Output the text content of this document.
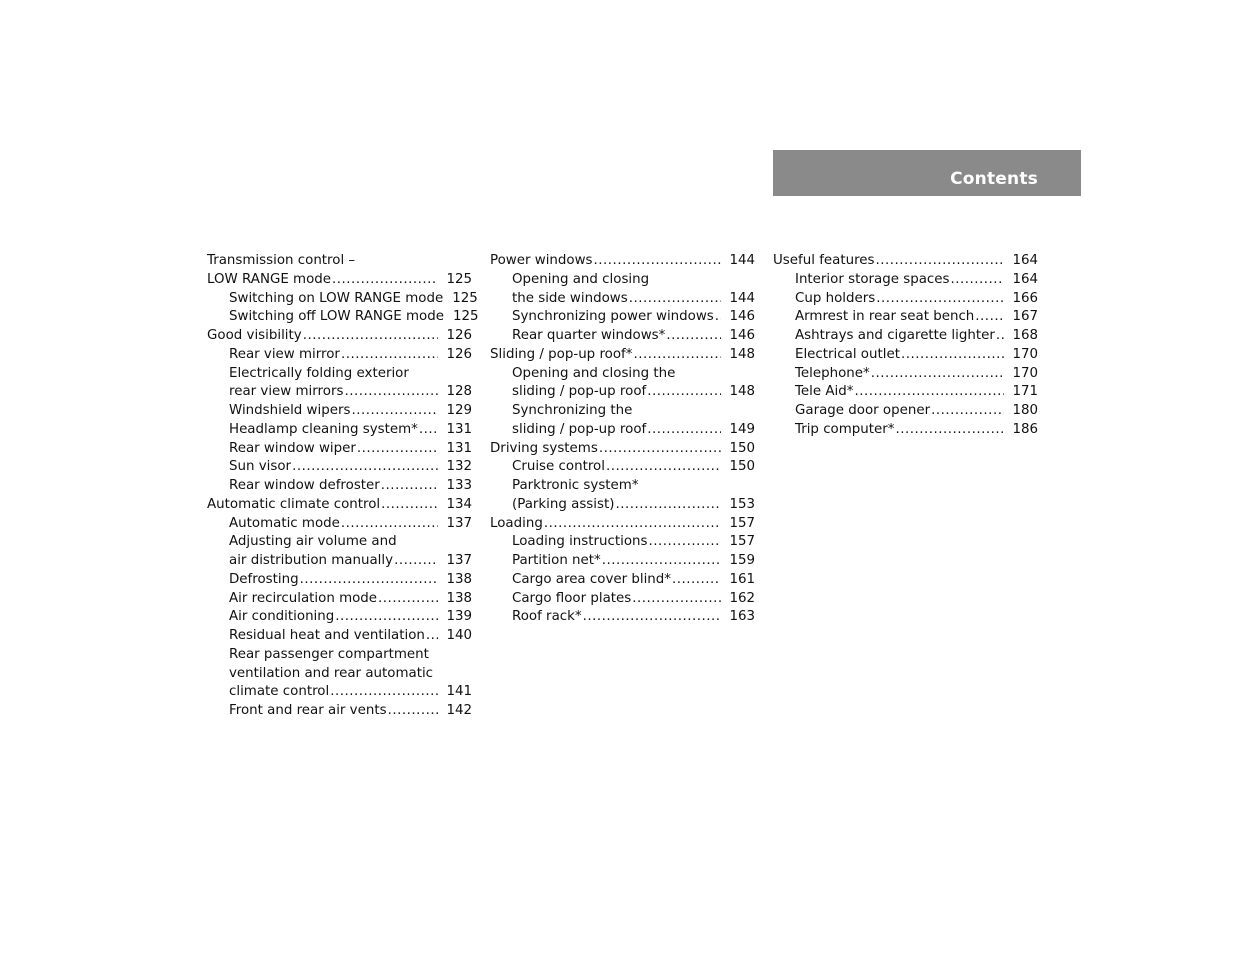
Contents
Transmission control –
LOW RANGE mode .....	125
Switching on LOW RANGE mode 125
Switching off LOW RANGE mode 125
Good visibility .....	126
Rear view mirror .....	126
Electrically folding exterior
rear view mirrors .....	128
Windshield wipers .....	129
Headlamp cleaning system* .....	131
Rear window wiper .....	131
Sun visor .....	132
Rear window defroster .....	133
Automatic climate control .....	134
Automatic mode .....	137
Adjusting air volume and
air distribution manually .....	137
Defrosting .....	138
Air recirculation mode .....	138
Air conditioning .....	139
Residual heat and ventilation .....	140
Rear passenger compartment
ventilation and rear automatic
climate control .....	141
Front and rear air vents .....	142
Power windows .....	144
Opening and closing
the side windows .....	144
Synchronizing power windows .....	146
Rear quarter windows* .....	146
Sliding / pop-up roof* .....	148
Opening and closing the
sliding / pop-up roof .....	148
Synchronizing the
sliding / pop-up roof .....	149
Driving systems .....	150
Cruise control .....	150
Parktronic system*
(Parking assist) .....	153
Loading .....	157
Loading instructions .....	157
Partition net* .....	159
Cargo area cover blind* .....	161
Cargo floor plates .....	162
Roof rack* .....	163
Useful features .....	164
Interior storage spaces .....	164
Cup holders .....	166
Armrest in rear seat bench .....	167
Ashtrays and cigarette lighter .....	168
Electrical outlet .....	170
Telephone* .....	170
Tele Aid* .....	171
Garage door opener .....	180
Trip computer* .....	186
